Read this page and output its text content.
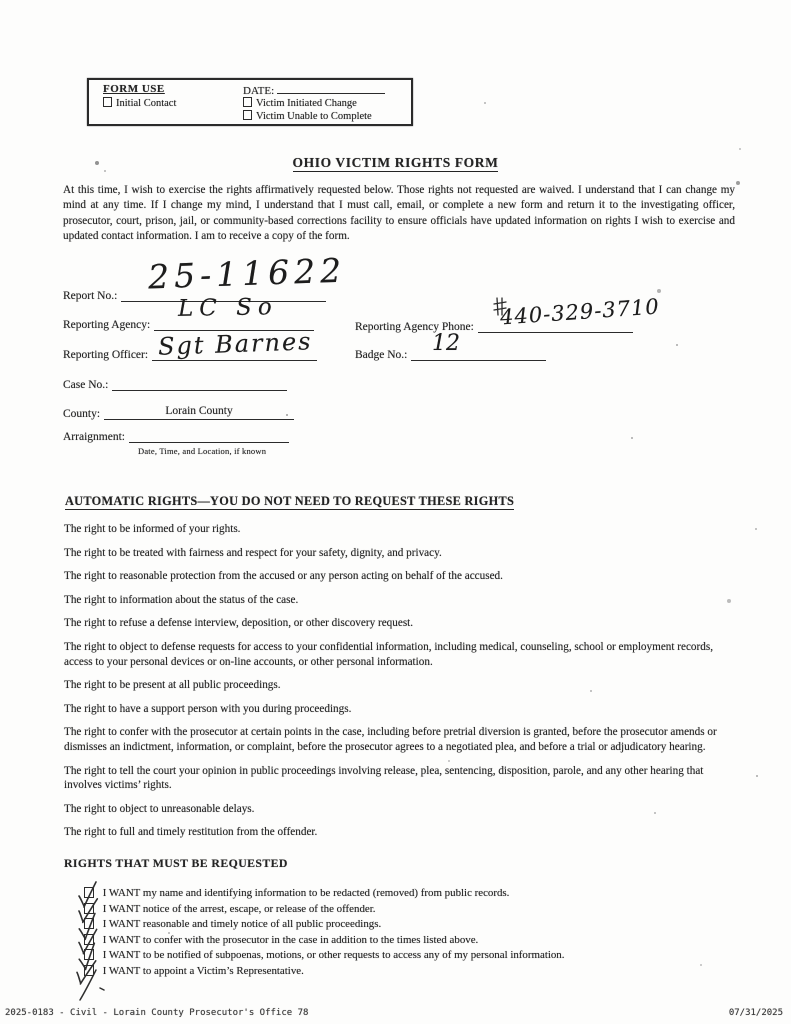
FORM USE	DATE:
Initial Contact	Victim Initiated Change
Victim Unable to Complete
OHIO VICTIM RIGHTS FORM
At this time, I wish to exercise the rights affirmatively requested below. Those rights not requested are waived. I understand that I can change my mind at any time. If I change my mind, I understand that I must call, email, or complete a new form and return it to the investigating officer, prosecutor, court, prison, jail, or community-based corrections facility to ensure officials have updated information on rights I wish to exercise and updated contact information. I am to receive a copy of the form.
Report No.: 25-11622
Reporting Agency:
LC So
Reporting Agency Phone:	440-329-3710
Reporting Officer: Sgt Barnes	Badge No.:	12
Case No.:
County:	Lorain County
Arraignment:
Date, Time, and Location, if known
AUTOMATIC RIGHTS—YOU DO NOT NEED TO REQUEST THESE RIGHTS

The right to be informed of your rights.

The right to be treated with fairness and respect for your safety, dignity, and privacy.

The right to reasonable protection from the accused or any person acting on behalf of the accused.

The right to information about the status of the case.

The right to refuse a defense interview, deposition, or other discovery request.

The right to object to defense requests for access to your confidential information, including medical, counseling, school or employment records, access to your personal devices or on-line accounts, or other personal information.

The right to be present at all public proceedings.

The right to have a support person with you during proceedings.

The right to confer with the prosecutor at certain points in the case, including before pretrial diversion is granted, before the prosecutor amends or dismisses an indictment, information, or complaint, before the prosecutor agrees to a negotiated plea, and before a trial or adjudicatory hearing.

The right to tell the court your opinion in public proceedings involving release, plea, sentencing, disposition, parole, and any other hearing that involves victims’ rights.

The right to object to unreasonable delays.

The right to full and timely restitution from the offender.

RIGHTS THAT MUST BE REQUESTED
I WANT my name and identifying information to be redacted (removed) from public records.
I WANT notice of the arrest, escape, or release of the offender.
I WANT reasonable and timely notice of all public proceedings.
I WANT to confer with the prosecutor in the case in addition to the times listed above.
I WANT to be notified of subpoenas, motions, or other requests to access any of my personal information.
I WANT to appoint a Victim’s Representative.
2025-0183 - Civil - Lorain County Prosecutor's Office 78	07/31/2025
